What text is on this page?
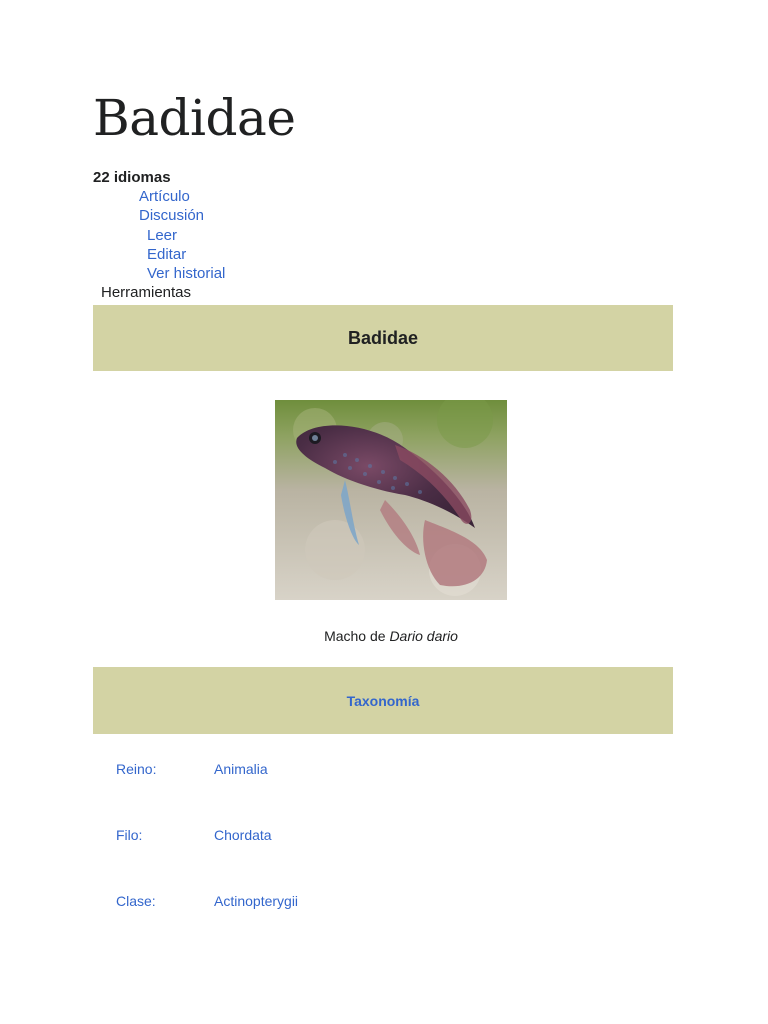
Badidae
22 idiomas
Artículo
Discusión
Leer
Editar
Ver historial
Herramientas
Badidae
Macho de Dario dario
Taxonomía
Reino:	Animalia
Filo:	Chordata
Clase:	Actinopterygii
